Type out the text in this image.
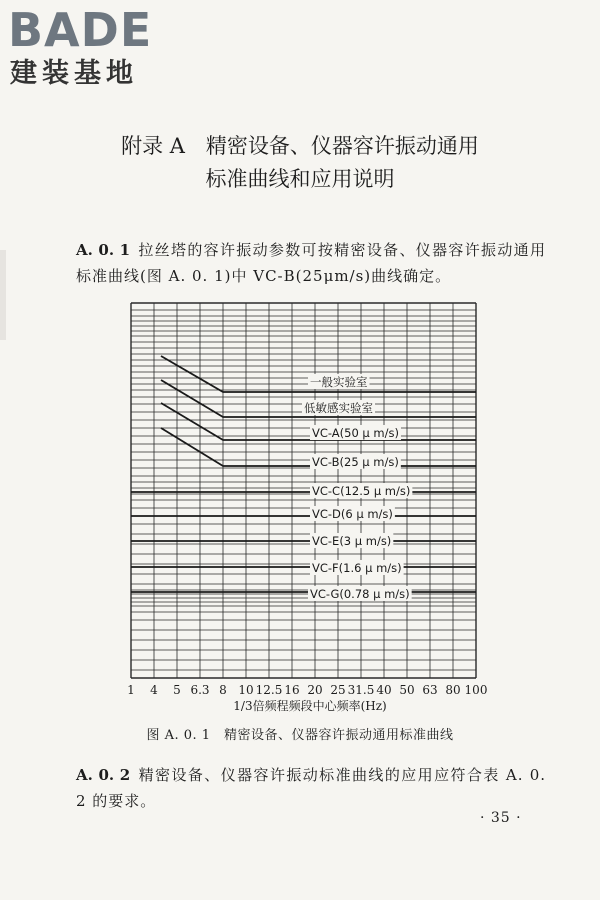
BADE
建装基地
附录 A　精密设备、仪器容许振动通用
标准曲线和应用说明
A. 0. 1 拉丝塔的容许振动参数可按精密设备、仪器容许振动通用标准曲线(图 A. 0. 1)中 VC-B(25μm/s)曲线确定。
一般实验室
低敏感实验室
VC-A(50 μ m/s)
VC-B(25 μ m/s)
VC-C(12.5 μ m/s)
VC-D(6 μ m/s)
VC-E(3 μ m/s)
VC-F(1.6 μ m/s)
VC-G(0.78 μ m/s)
1 4 5 6.3 8 10 12.5 16 20 25 31.5 40 50 63 80 100
1/3倍频程频段中心频率(Hz)
图 A. 0. 1　精密设备、仪器容许振动通用标准曲线
A. 0. 2 精密设备、仪器容许振动标准曲线的应用应符合表 A. 0. 2 的要求。
· 35 ·
